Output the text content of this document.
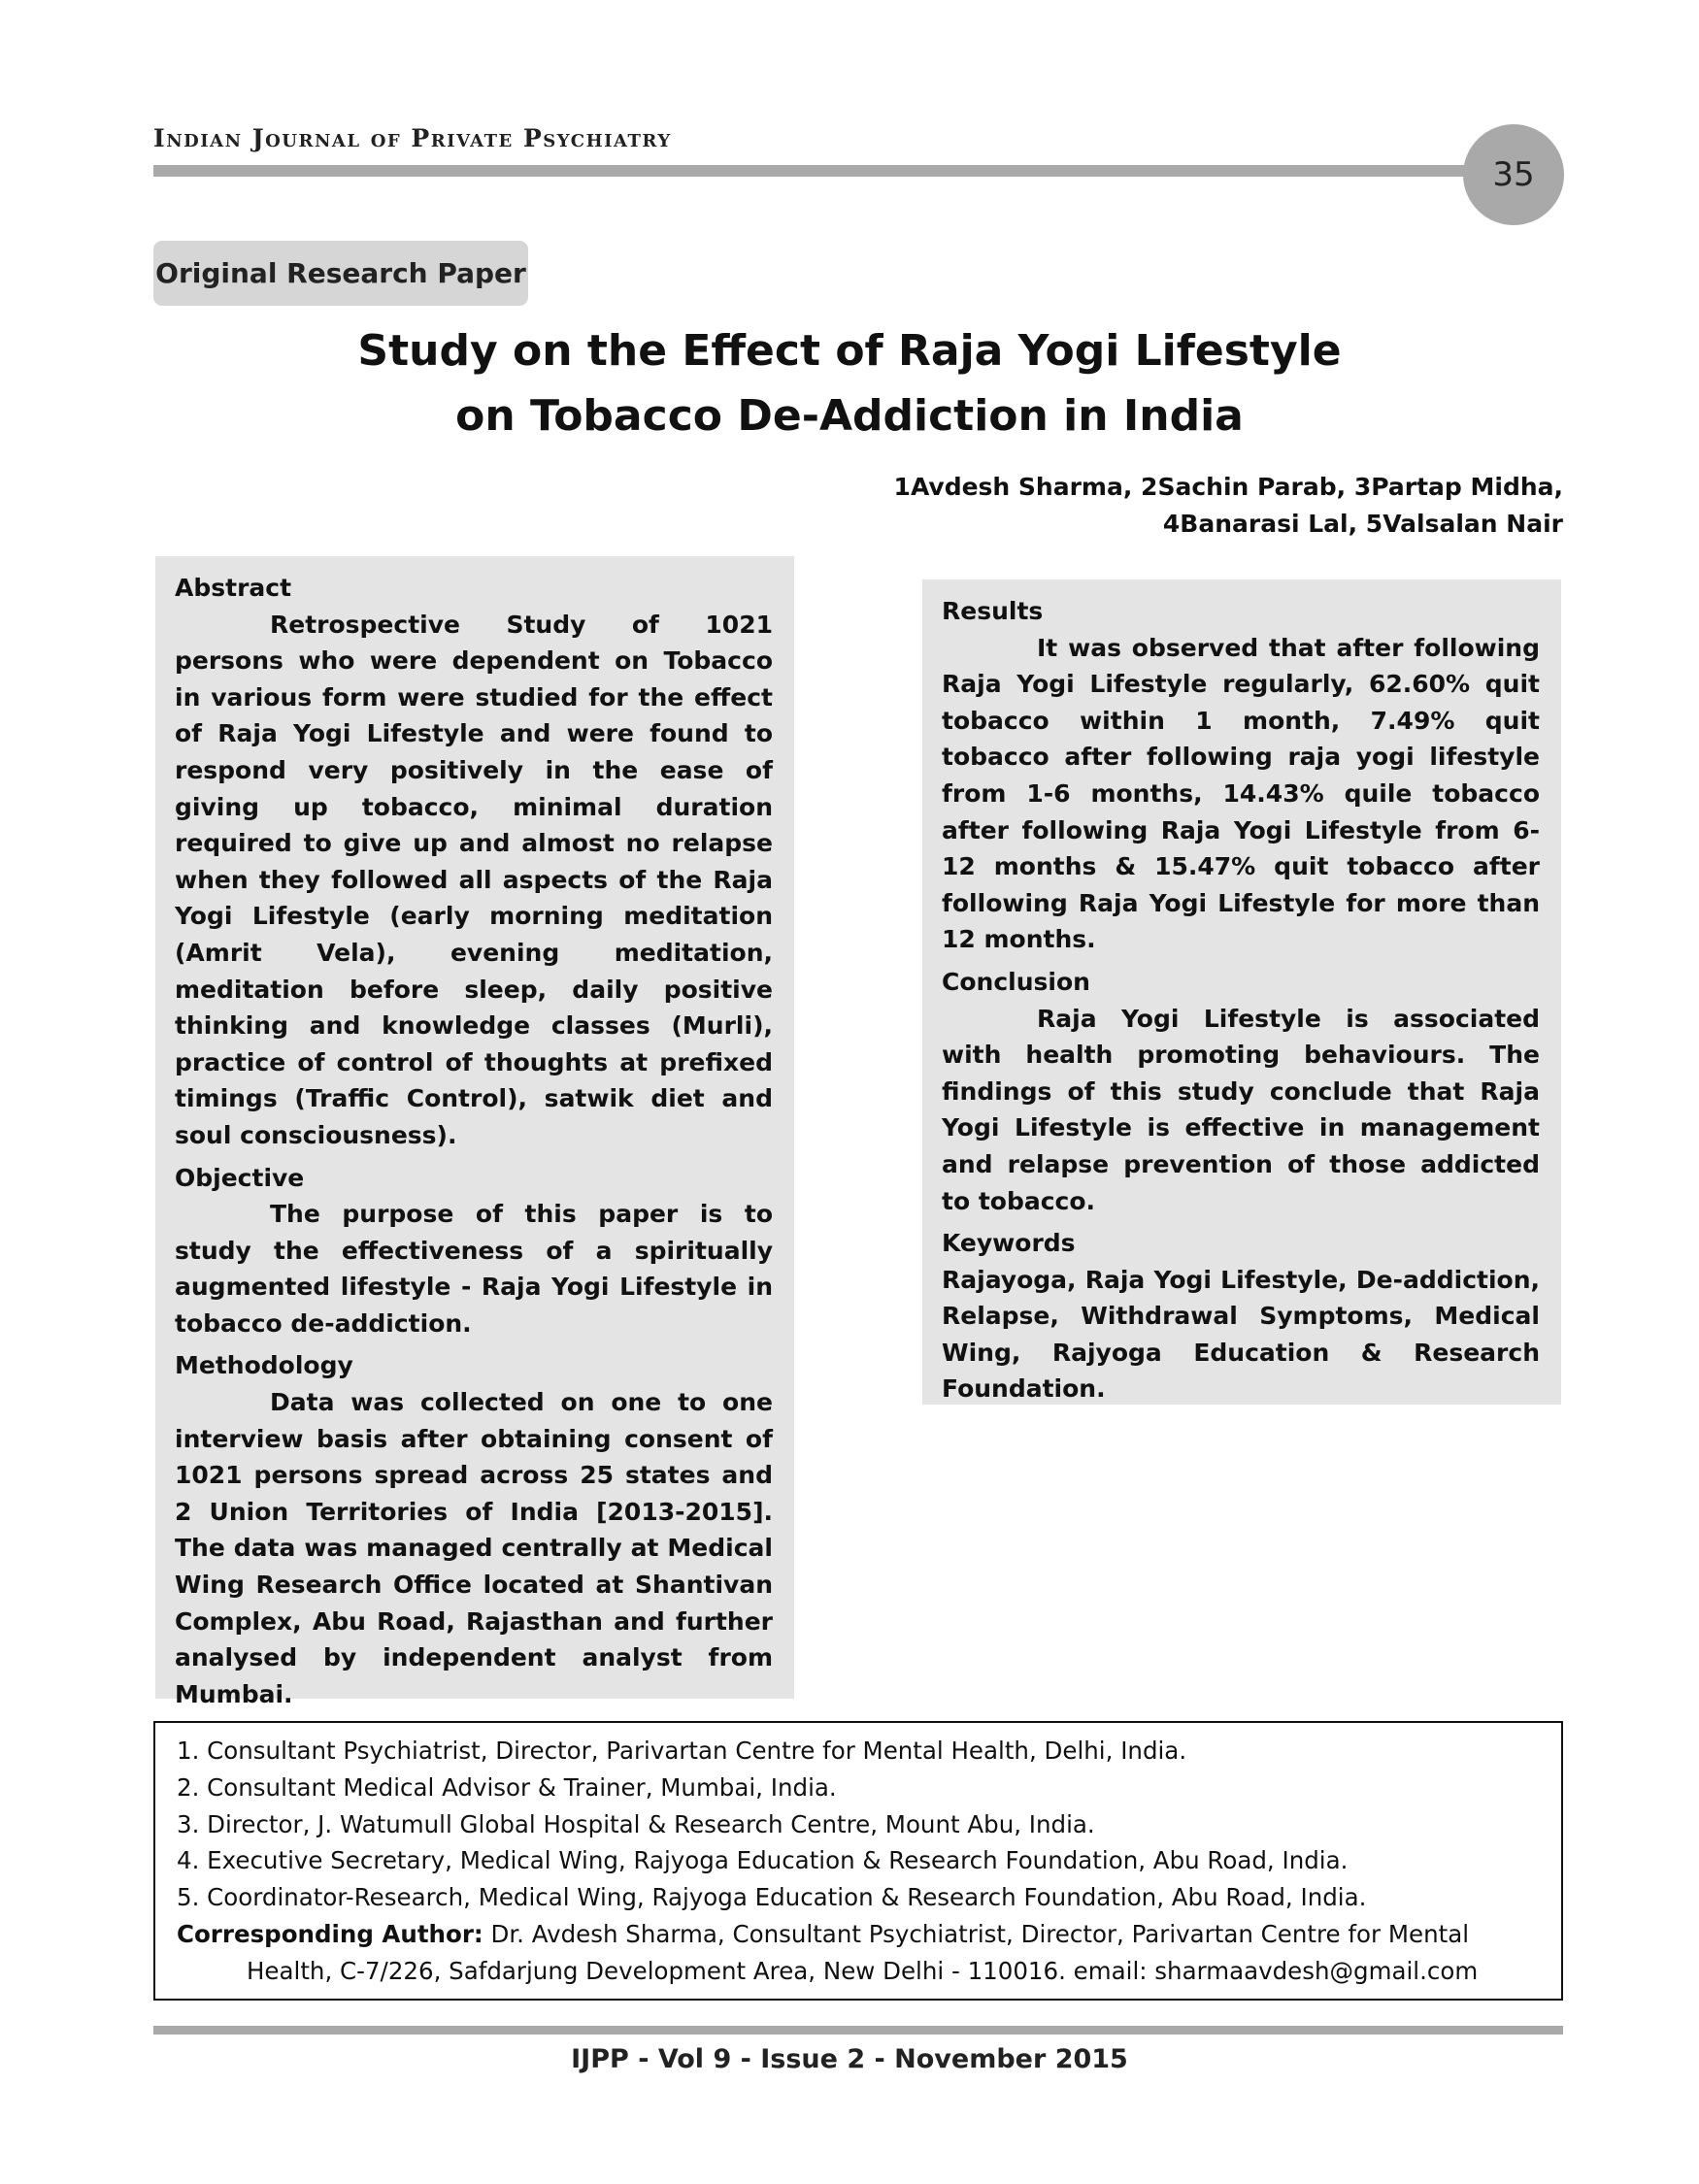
Indian Journal of Private Psychiatry
35
Original Research Paper
Study on the Effect of Raja Yogi Lifestyle
on Tobacco De-Addiction in India
1Avdesh Sharma, 2Sachin Parab, 3Partap Midha,
4Banarasi Lal, 5Valsalan Nair
Abstract

Retrospective Study of 1021 persons who were dependent on Tobacco in various form were studied for the effect of Raja Yogi Lifestyle and were found to respond very positively in the ease of giving up tobacco, minimal duration required to give up and almost no relapse when they followed all aspects of the Raja Yogi Lifestyle (early morning meditation (Amrit Vela), evening meditation, meditation before sleep, daily positive thinking and knowledge classes (Murli), practice of control of thoughts at prefixed timings (Traffic Control), satwik diet and soul consciousness).

Objective

The purpose of this paper is to study the effectiveness of a spiritually augmented lifestyle - Raja Yogi Lifestyle in tobacco de-addiction.

Methodology

Data was collected on one to one interview basis after obtaining consent of 1021 persons spread across 25 states and 2 Union Territories of India [2013-2015]. The data was managed centrally at Medical Wing Research Office located at Shantivan Complex, Abu Road, Rajasthan and further analysed by independent analyst from Mumbai.

Results

It was observed that after following Raja Yogi Lifestyle regularly, 62.60% quit tobacco within 1 month, 7.49% quit tobacco after following raja yogi lifestyle from 1-6 months, 14.43% quile tobacco after following Raja Yogi Lifestyle from 6-12 months & 15.47% quit tobacco after following Raja Yogi Lifestyle for more than 12 months.

Conclusion

Raja Yogi Lifestyle is associated with health promoting behaviours. The findings of this study conclude that Raja Yogi Lifestyle is effective in management and relapse prevention of those addicted to tobacco.

Keywords

Rajayoga, Raja Yogi Lifestyle, De-addiction, Relapse, Withdrawal Symptoms, Medical Wing, Rajyoga Education & Research Foundation.

1. Consultant Psychiatrist, Director, Parivartan Centre for Mental Health, Delhi, India.
2. Consultant Medical Advisor & Trainer, Mumbai, India.
3. Director, J. Watumull Global Hospital & Research Centre, Mount Abu, India.
4. Executive Secretary, Medical Wing, Rajyoga Education & Research Foundation, Abu Road, India.
5. Coordinator-Research, Medical Wing, Rajyoga Education & Research Foundation, Abu Road, India.
Corresponding Author: Dr. Avdesh Sharma, Consultant Psychiatrist, Director, Parivartan Centre for Mental Health, C-7/226, Safdarjung Development Area, New Delhi - 110016. email: sharmaavdesh@gmail.com
IJPP - Vol 9 - Issue 2 - November 2015
